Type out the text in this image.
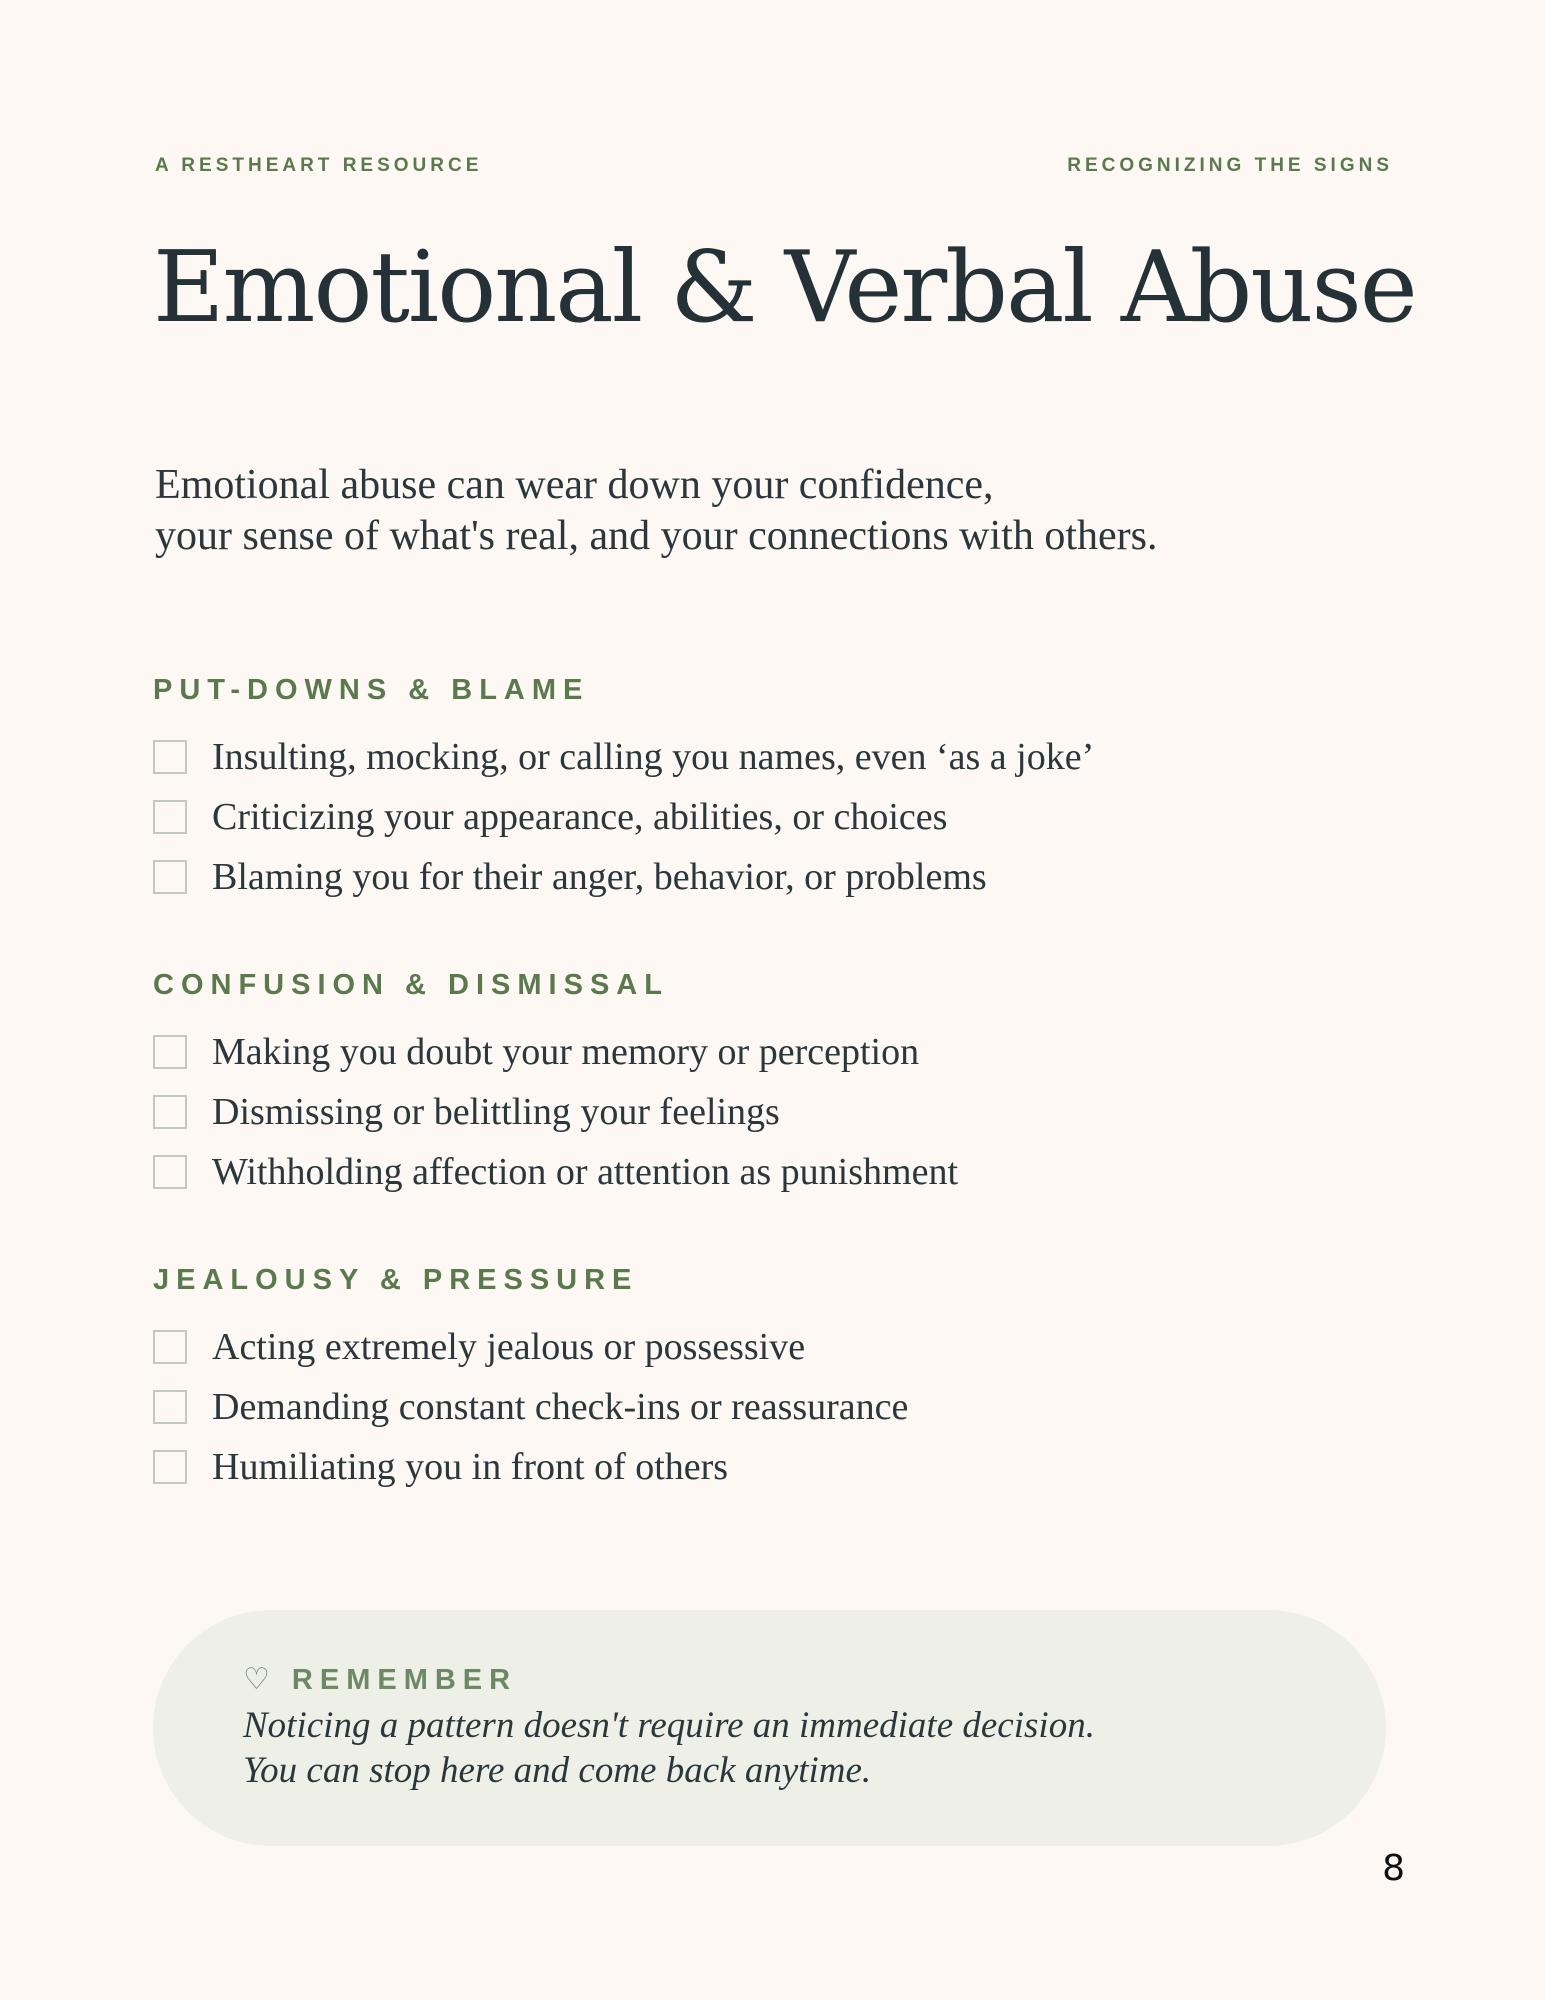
A RESTHEART RESOURCE	RECOGNIZING THE SIGNS
Emotional & Verbal Abuse
Emotional abuse can wear down your confidence,
your sense of what's real, and your connections with others.
PUT-DOWNS & BLAME
Insulting, mocking, or calling you names, even ‘as a joke’
Criticizing your appearance, abilities, or choices
Blaming you for their anger, behavior, or problems
CONFUSION & DISMISSAL
Making you doubt your memory or perception
Dismissing or belittling your feelings
Withholding affection or attention as punishment
JEALOUSY & PRESSURE
Acting extremely jealous or possessive
Demanding constant check-ins or reassurance
Humiliating you in front of others
♡ REMEMBER
Noticing a pattern doesn't require an immediate decision.
You can stop here and come back anytime.
8
